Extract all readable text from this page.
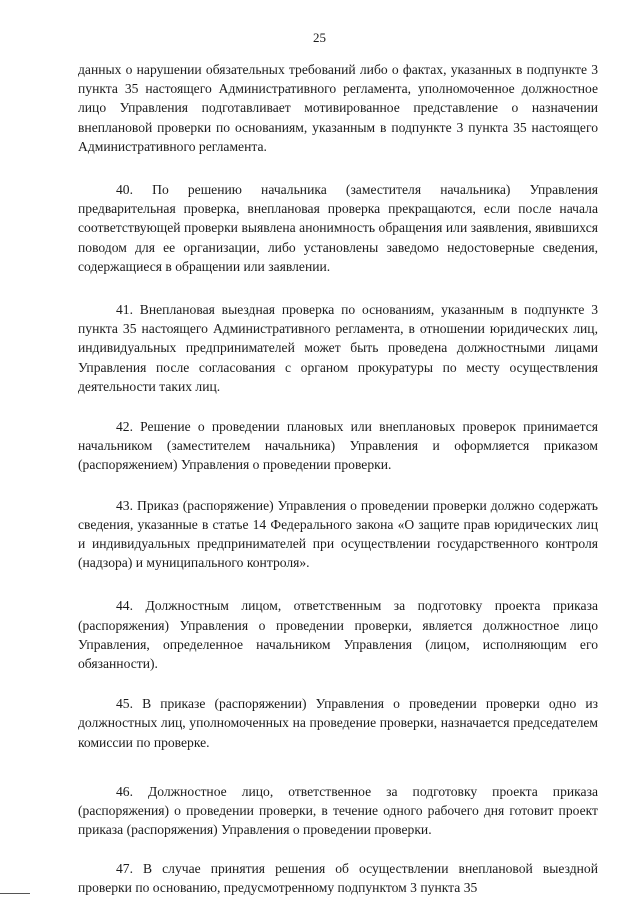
25

данных о нарушении обязательных требований либо о фактах, указанных в подпункте 3 пункта 35 настоящего Административного регламента, уполномоченное должностное лицо Управления подготавливает мотивированное представление о назначении внеплановой проверки по основаниям, указанным в подпункте 3 пункта 35 настоящего Административного регламента.

40. По решению начальника (заместителя начальника) Управления предварительная проверка, внеплановая проверка прекращаются, если после начала соответствующей проверки выявлена анонимность обращения или заявления, явившихся поводом для ее организации, либо установлены заведомо недостоверные сведения, содержащиеся в обращении или заявлении.

41. Внеплановая выездная проверка по основаниям, указанным в подпункте 3 пункта 35 настоящего Административного регламента, в отношении юридических лиц, индивидуальных предпринимателей может быть проведена должностными лицами Управления после согласования с органом прокуратуры по месту осуществления деятельности таких лиц.

42. Решение о проведении плановых или внеплановых проверок принимается начальником (заместителем начальника) Управления и оформляется приказом (распоряжением) Управления о проведении проверки.

43. Приказ (распоряжение) Управления о проведении проверки должно содержать сведения, указанные в статье 14 Федерального закона «О защите прав юридических лиц и индивидуальных предпринимателей при осуществлении государственного контроля (надзора) и муниципального контроля».

44. Должностным лицом, ответственным за подготовку проекта приказа (распоряжения) Управления о проведении проверки, является должностное лицо Управления, определенное начальником Управления (лицом, исполняющим его обязанности).

45. В приказе (распоряжении) Управления о проведении проверки одно из должностных лиц, уполномоченных на проведение проверки, назначается председателем комиссии по проверке.

46. Должностное лицо, ответственное за подготовку проекта приказа (распоряжения) о проведении проверки, в течение одного рабочего дня готовит проект приказа (распоряжения) Управления о проведении проверки.

47. В случае принятия решения об осуществлении внеплановой выездной проверки по основанию, предусмотренному подпунктом 3 пункта 35
